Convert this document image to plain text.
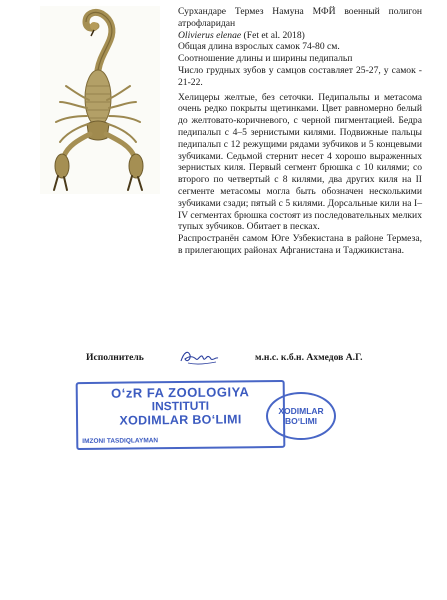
Сурхандаре Термез Намуна МФЙ военный полигон атрофларидан

Olivierus elenae (Fet et al. 2018)

Общая длина взрослых самок 74-80 см.

Соотношение длины и ширины педипальп

Число грудных зубов у самцов составляет 25-27, у самок - 21-22.

Хелицеры желтые, без сеточки. Педипальпы и метасома очень редко покрыты щетинками. Цвет равномерно белый до желтовато-коричневого, с черной пигментацией. Бедра педипальп с 4–5 зернистыми килями. Подвижные пальцы педипальп с 12 режущими рядами зубчиков и 5 концевыми зубчиками. Седьмой стернит несет 4 хорошо выраженных зернистых киля. Первый сегмент брюшка с 10 килями; со второго по четвертый с 8 килями, два других киля на II сегменте метасомы могла быть обозначен несколькими зубчиками сзади; пятый с 5 килями. Дорсальные кили на I–IV сегментах брюшка состоят из последовательных мелких тупых зубчиков. Обитает в песках.

Распространён самом Юге Узбекистана в районе Термеза, в прилегающих районах Афганистана и Таджикистана.

Исполнитель	м.н.с. к.б.н. Ахмедов А.Г.
O‘zR FA ZOOLOGIYA
INSTITUTI
XODIMLAR BO‘LIMI
IMZONI TASDIQLAYMAN
XODIMLAR
BO‘LIMI
